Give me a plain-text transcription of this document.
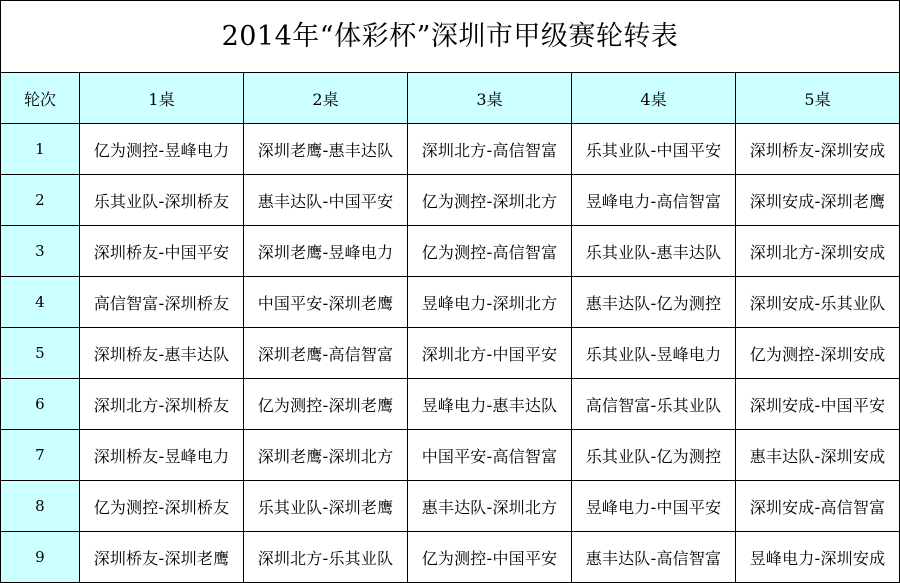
2014年“体彩杯”深圳市甲级赛轮转表
轮次	1桌	2桌	3桌	4桌	5桌
1	亿为测控-昱峰电力	深圳老鹰-惠丰达队	深圳北方-高信智富	乐其业队-中国平安	深圳桥友-深圳安成
2	乐其业队-深圳桥友	惠丰达队-中国平安	亿为测控-深圳北方	昱峰电力-高信智富	深圳安成-深圳老鹰
3	深圳桥友-中国平安	深圳老鹰-昱峰电力	亿为测控-高信智富	乐其业队-惠丰达队	深圳北方-深圳安成
4	高信智富-深圳桥友	中国平安-深圳老鹰	昱峰电力-深圳北方	惠丰达队-亿为测控	深圳安成-乐其业队
5	深圳桥友-惠丰达队	深圳老鹰-高信智富	深圳北方-中国平安	乐其业队-昱峰电力	亿为测控-深圳安成
6	深圳北方-深圳桥友	亿为测控-深圳老鹰	昱峰电力-惠丰达队	高信智富-乐其业队	深圳安成-中国平安
7	深圳桥友-昱峰电力	深圳老鹰-深圳北方	中国平安-高信智富	乐其业队-亿为测控	惠丰达队-深圳安成
8	亿为测控-深圳桥友	乐其业队-深圳老鹰	惠丰达队-深圳北方	昱峰电力-中国平安	深圳安成-高信智富
9	深圳桥友-深圳老鹰	深圳北方-乐其业队	亿为测控-中国平安	惠丰达队-高信智富	昱峰电力-深圳安成
